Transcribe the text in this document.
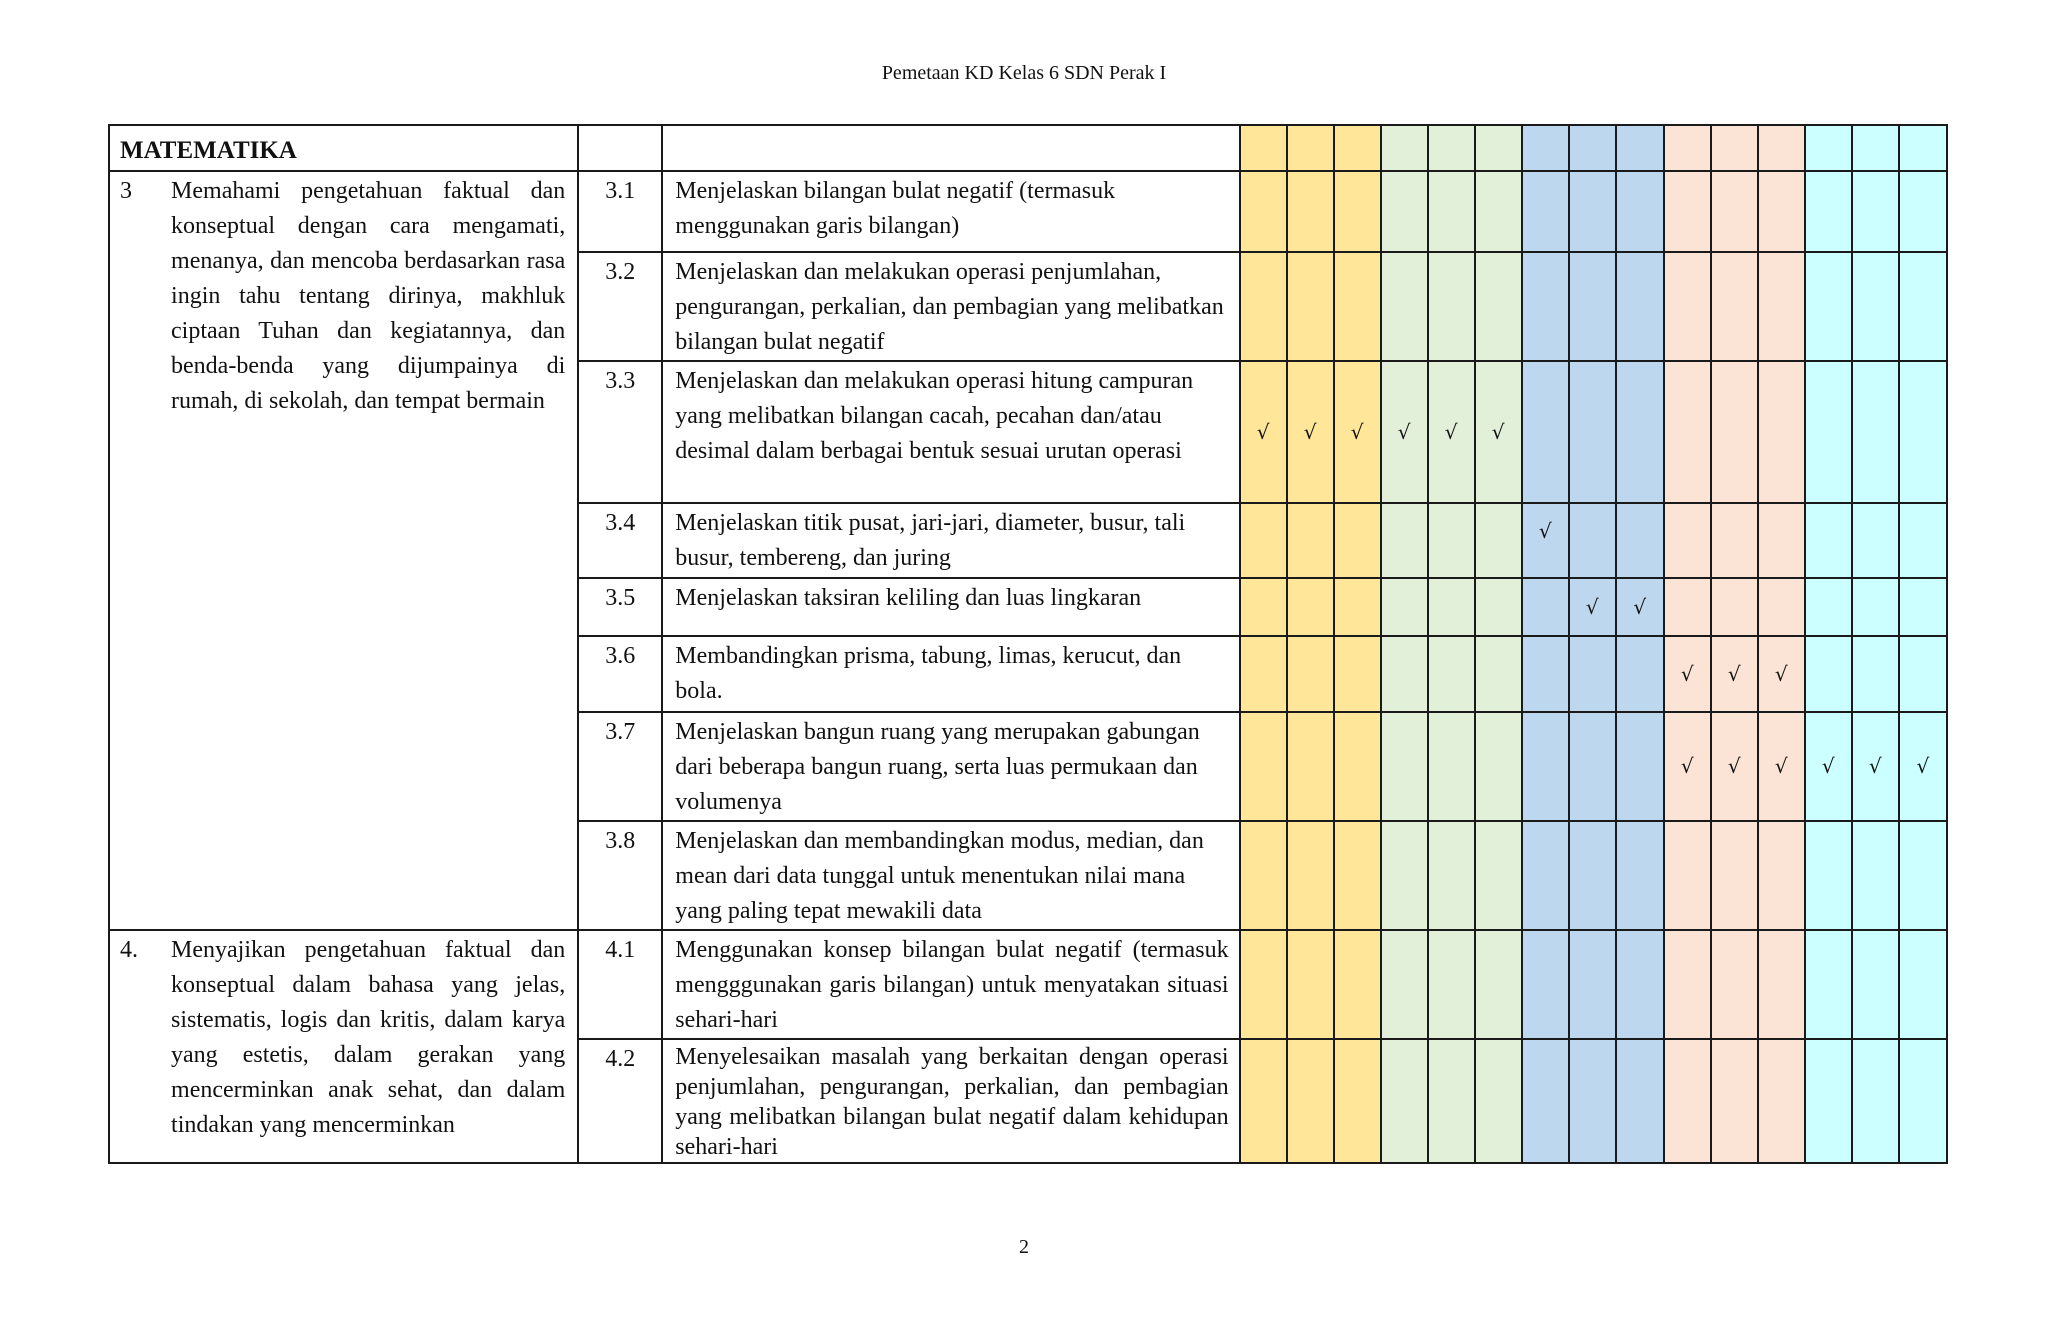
Pemetaan KD Kelas 6 SDN Perak I
MATEMATIKA																		
3	Memahami pengetahuan faktual dan konseptual dengan cara mengamati, menanya, dan mencoba berdasarkan rasa ingin tahu tentang dirinya, makhluk ciptaan Tuhan dan kegiatannya, dan benda-benda yang dijumpainya di rumah, di sekolah, dan tempat bermain	3.1	Menjelaskan bilangan bulat negatif (termasuk menggunakan garis bilangan)															
		3.2	Menjelaskan dan melakukan operasi penjumlahan, pengurangan, perkalian, dan pembagian yang melibatkan bilangan bulat negatif															
		3.3	Menjelaskan dan melakukan operasi hitung campuran yang melibatkan bilangan cacah, pecahan dan/atau desimal dalam berbagai bentuk sesuai urutan operasi	√	√	√	√	√	√									
		3.4	Menjelaskan titik pusat, jari-jari, diameter, busur, tali busur, tembereng, dan juring							√								
		3.5	Menjelaskan taksiran keliling dan luas lingkaran								√	√						
		3.6	Membandingkan prisma, tabung, limas, kerucut, dan bola.										√	√	√			
		3.7	Menjelaskan bangun ruang yang merupakan gabungan dari beberapa bangun ruang, serta luas permukaan dan volumenya										√	√	√	√	√	√
		3.8	Menjelaskan dan membandingkan modus, median, dan mean dari data tunggal untuk menentukan nilai mana yang paling tepat mewakili data															
4.	Menyajikan pengetahuan faktual dan konseptual dalam bahasa yang jelas, sistematis, logis dan kritis, dalam karya yang estetis, dalam gerakan yang mencerminkan anak sehat, dan dalam tindakan yang mencerminkan	4.1	Menggunakan konsep bilangan bulat negatif (termasuk mengggunakan garis bilangan) untuk menyatakan situasi sehari-hari															
		4.2	Menyelesaikan masalah yang berkaitan dengan operasi penjumlahan, pengurangan, perkalian, dan pembagian yang melibatkan bilangan bulat negatif dalam kehidupan sehari-hari															
2
